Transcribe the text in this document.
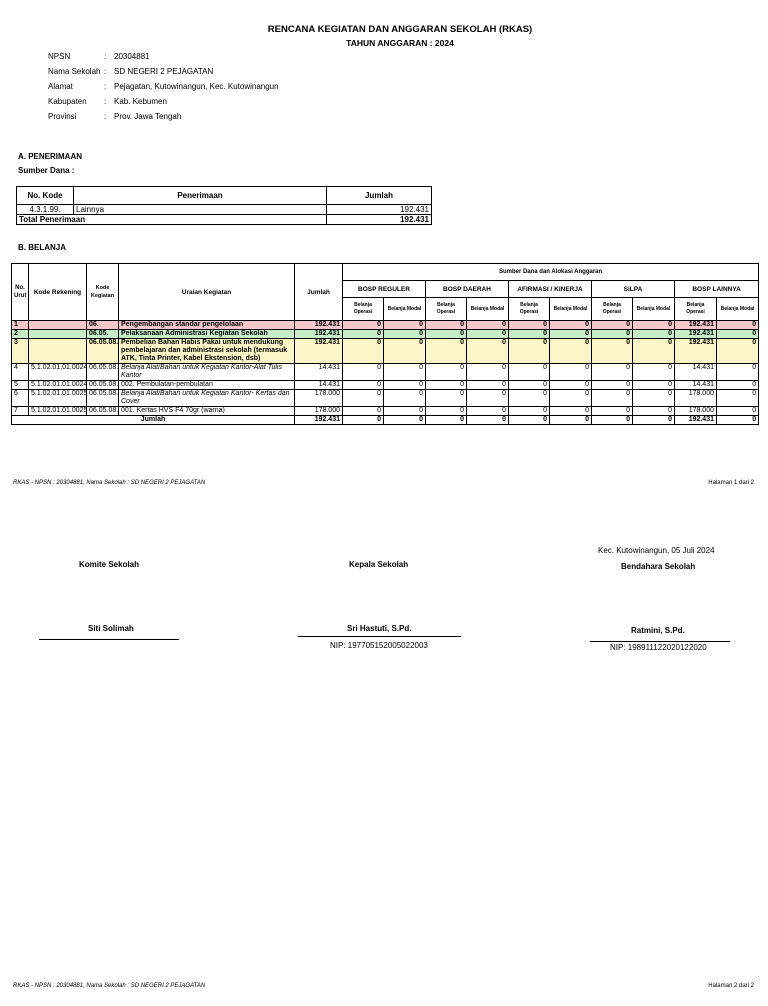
RENCANA KEGIATAN DAN ANGGARAN SEKOLAH (RKAS)
TAHUN ANGGARAN : 2024
NPSN	: 20304881
Nama Sekolah : SD NEGERI 2 PEJAGATAN
Alamat	: Pejagatan, Kutowinangun, Kec. Kutowinangun
Kabupaten : Kab. Kebumen
Provinsi	: Prov. Jawa Tengah
A. PENERIMAAN
Sumber Dana :
No. Kode	Penerimaan	Jumlah
4.3.1.99.	Lainnya	192.431
Total Penerimaan		192.431
B. BELANJA
No. Urut	Kode Rekening	Kode Kegiatan	Uraian Kegiatan	Jumlah	Sumber Dana dan Alokasi Anggaran									
					BOSP REGULER		BOSP DAERAH		AFIRMASI / KINERJA		SiLPA		BOSP LAINNYA	
					Belanja Operasi	Belanja Modal	Belanja Operasi	Belanja Modal	Belanja Operasi	Belanja Modal	Belanja Operasi	Belanja Modal	Belanja Operasi	Belanja Modal
1		06.	Pengembangan standar pengelolaan	192.431	0	0	0	0	0	0	0	0	192.431	0
2		06.05.	Pelaksanaan Administrasi Kegiatan Sekolah	192.431	0	0	0	0	0	0	0	0	192.431	0
3		06.05.08.	Pembelian Bahan Habis Pakai untuk mendukung pembelajaran dan administrasi sekolah (termasuk ATK, Tinta Printer, Kabel Ekstension, dsb)	192.431	0	0	0	0	0	0	0	0	192.431	0
4	5.1.02.01.01.0024	06.05.08.	Belanja Alat/Bahan untuk Kegiatan Kantor-Alat Tulis Kantor	14.431	0	0	0	0	0	0	0	0	14.431	0
5	5.1.02.01.01.0024	06.05.08.	002. Pembulatan-pembulatan	14.431	0	0	0	0	0	0	0	0	14.431	0
6	5.1.02.01.01.0025	06.05.08.	Belanja Alat/Bahan untuk Kegiatan Kantor- Kertas dan Cover	178.000	0	0	0	0	0	0	0	0	178.000	0
7	5.1.02.01.01.0025	06.05.08.	001. Kertas HVS F4 70gr (warna)	178.000	0	0	0	0	0	0	0	0	178.000	0
Jumlah				192.431	0	0	0	0	0	0	0	0	192.431	0
RKAS - NPSN : 20304881, Nama Sekolah : SD NEGERI 2 PEJAGATAN	Halaman 1 dari 2
Kec. Kutowinangun, 05 Juli 2024
Komite Sekolah	Kepala Sekolah	Bendahara Sekolah
Siti Solimah	Sri Hastuti, S.Pd.
NIP: 197705152005022003
Ratmini, S.Pd.
NIP: 198911122020122020
RKAS - NPSN : 20304881, Nama Sekolah : SD NEGERI 2 PEJAGATAN	Halaman 2 dari 2
